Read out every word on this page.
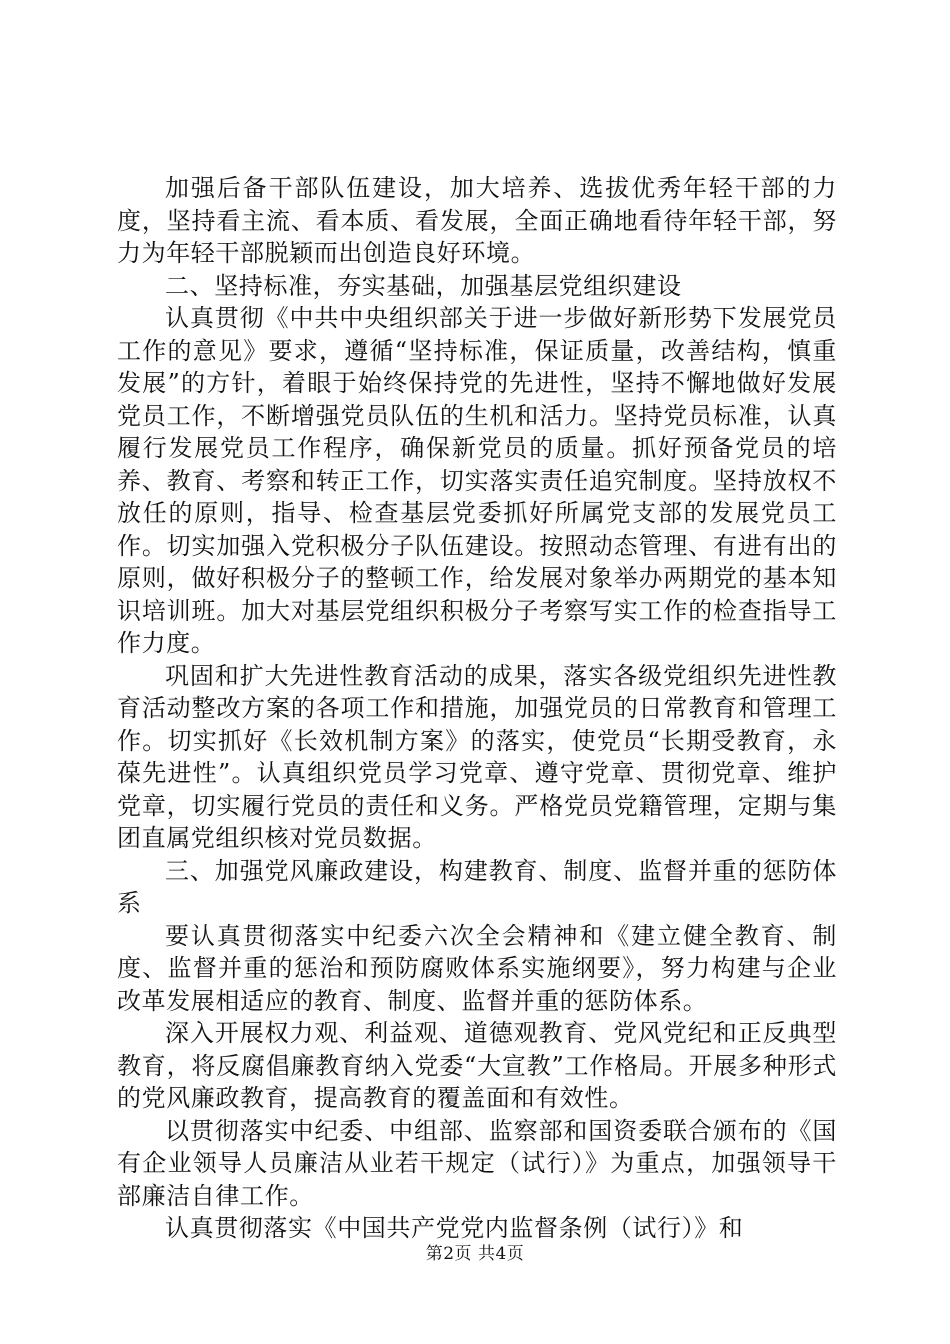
加强后备干部队伍建设，加大培养、选拔优秀年轻干部的力度，坚持看主流、看本质、看发展，全面正确地看待年轻干部，努力为年轻干部脱颖而出创造良好环境。

二、坚持标准，夯实基础，加强基层党组织建设

认真贯彻《中共中央组织部关于进一步做好新形势下发展党员工作的意见》要求，遵循“坚持标准，保证质量，改善结构，慎重发展”的方针，着眼于始终保持党的先进性，坚持不懈地做好发展党员工作，不断增强党员队伍的生机和活力。坚持党员标准，认真履行发展党员工作程序，确保新党员的质量。抓好预备党员的培养、教育、考察和转正工作，切实落实责任追究制度。坚持放权不放任的原则，指导、检查基层党委抓好所属党支部的发展党员工作。切实加强入党积极分子队伍建设。按照动态管理、有进有出的原则，做好积极分子的整顿工作，给发展对象举办两期党的基本知识培训班。加大对基层党组织积极分子考察写实工作的检查指导工作力度。

巩固和扩大先进性教育活动的成果，落实各级党组织先进性教育活动整改方案的各项工作和措施，加强党员的日常教育和管理工作。切实抓好《长效机制方案》的落实，使党员“长期受教育，永葆先进性”。认真组织党员学习党章、遵守党章、贯彻党章、维护党章，切实履行党员的责任和义务。严格党员党籍管理，定期与集团直属党组织核对党员数据。

三、加强党风廉政建设，构建教育、制度、监督并重的惩防体系

要认真贯彻落实中纪委六次全会精神和《建立健全教育、制度、监督并重的惩治和预防腐败体系实施纲要》，努力构建与企业改革发展相适应的教育、制度、监督并重的惩防体系。

深入开展权力观、利益观、道德观教育、党风党纪和正反典型教育，将反腐倡廉教育纳入党委“大宣教”工作格局。开展多种形式的党风廉政教育，提高教育的覆盖面和有效性。

以贯彻落实中纪委、中组部、监察部和国资委联合颁布的《国有企业领导人员廉洁从业若干规定（试行）》为重点，加强领导干部廉洁自律工作。

认真贯彻落实《中国共产党党内监督条例（试行）》和

第2页 共4页
